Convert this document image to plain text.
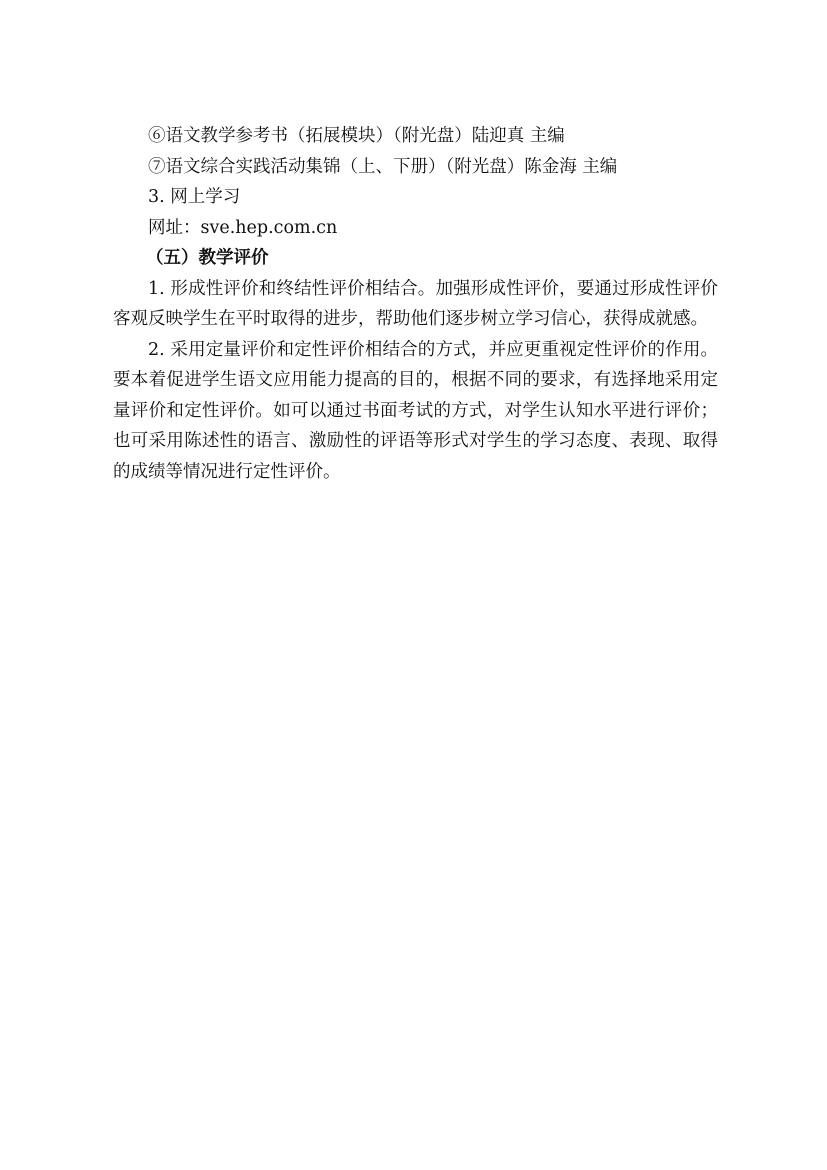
⑥语文教学参考书（拓展模块）（附光盘）陆迎真 主编

⑦语文综合实践活动集锦（上、下册）（附光盘）陈金海 主编

3. 网上学习

网址：sve.hep.com.cn

（五）教学评价

1. 形成性评价和终结性评价相结合。加强形成性评价，要通过形成性评价客观反映学生在平时取得的进步，帮助他们逐步树立学习信心，获得成就感。

2. 采用定量评价和定性评价相结合的方式，并应更重视定性评价的作用。要本着促进学生语文应用能力提高的目的，根据不同的要求，有选择地采用定量评价和定性评价。如可以通过书面考试的方式，对学生认知水平进行评价；也可采用陈述性的语言、激励性的评语等形式对学生的学习态度、表现、取得的成绩等情况进行定性评价。
